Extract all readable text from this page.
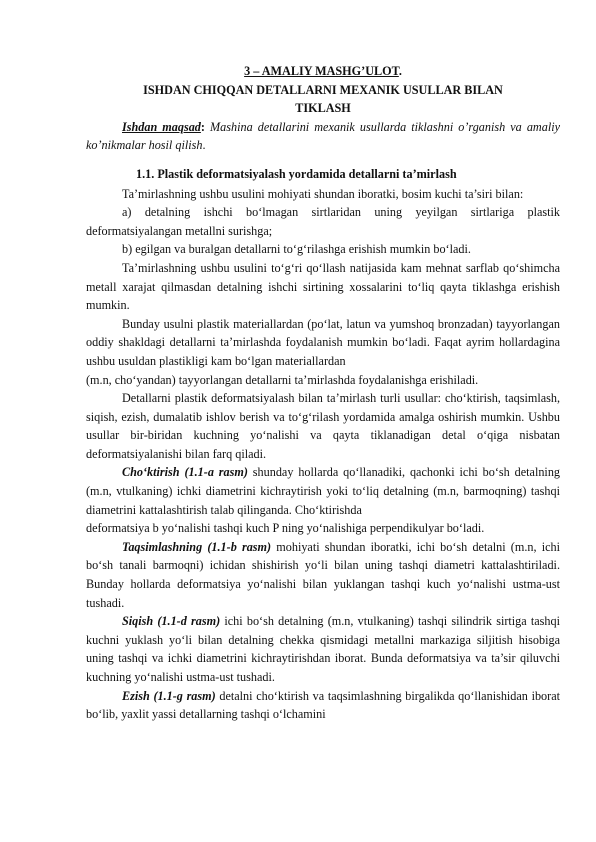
3 – AMALIY MASHG’ULOT.
ISHDAN CHIQQAN DETALLARNI MEXANIK USULLAR BILAN
TIKLASH

Ishdan maqsad: Mashina detallarini mexanik usullarda tiklashni o’rganish va amaliy ko’nikmalar hosil qilish.

1.1. Plastik deformatsiyalash yordamida detallarni ta’mirlash

Ta’mirlashning ushbu usulini mohiyati shundan iboratki, bosim kuchi ta’siri bilan:

a) detalning ishchi bo‘lmagan sirtlaridan uning yeyilgan sirtlariga plastik deformatsiyalangan metallni surishga;

b) egilgan va buralgan detallarni to‘g‘rilashga erishish mumkin bo‘ladi.

Ta’mirlashning ushbu usulini to‘g‘ri qo‘llash natijasida kam mehnat sarflab qo‘shimcha metall xarajat qilmasdan detalning ishchi sirtining xossalarini to‘liq qayta tiklashga erishish mumkin.

Bunday usulni plastik materiallardan (po‘lat, latun va yumshoq bronzadan) tayyorlangan oddiy shakldagi detallarni ta’mirlashda foydalanish mumkin bo‘ladi. Faqat ayrim hollardagina ushbu usuldan plastikligi kam bo‘lgan materiallardan

(m.n, cho‘yandan) tayyorlangan detallarni ta’mirlashda foydalanishga erishiladi.

Detallarni plastik deformatsiyalash bilan ta’mirlash turli usullar: cho‘ktirish, taqsimlash, siqish, ezish, dumalatib ishlov berish va to‘g‘rilash yordamida amalga oshirish mumkin. Ushbu usullar bir-biridan kuchning yo‘nalishi va qayta tiklanadigan detal o‘qiga nisbatan deformatsiyalanishi bilan farq qiladi.

Cho‘ktirish (1.1-a rasm) shunday hollarda qo‘llanadiki, qachonki ichi bo‘sh detalning (m.n, vtulkaning) ichki diametrini kichraytirish yoki to‘liq detalning (m.n, barmoqning) tashqi diametrini kattalashtirish talab qilinganda. Cho‘ktirishda

deformatsiya b yo‘nalishi tashqi kuch P ning yo‘nalishiga perpendikulyar bo‘ladi.

Taqsimlashning (1.1-b rasm) mohiyati shundan iboratki, ichi bo‘sh detalni (m.n, ichi bo‘sh tanali barmoqni) ichidan shishirish yo‘li bilan uning tashqi diametri kattalashtiriladi. Bunday hollarda deformatsiya yo‘nalishi bilan yuklangan tashqi kuch yo‘nalishi ustma-ust tushadi.

Siqish (1.1-d rasm) ichi bo‘sh detalning (m.n, vtulkaning) tashqi silindrik sirtiga tashqi kuchni yuklash yo‘li bilan detalning chekka qismidagi metallni markaziga siljitish hisobiga uning tashqi va ichki diametrini kichraytirishdan iborat. Bunda deformatsiya va ta’sir qiluvchi kuchning yo‘nalishi ustma-ust tushadi.

Ezish (1.1-g rasm) detalni cho‘ktirish va taqsimlashning birgalikda qo‘llanishidan iborat bo‘lib, yaxlit yassi detallarning tashqi o‘lchamini
